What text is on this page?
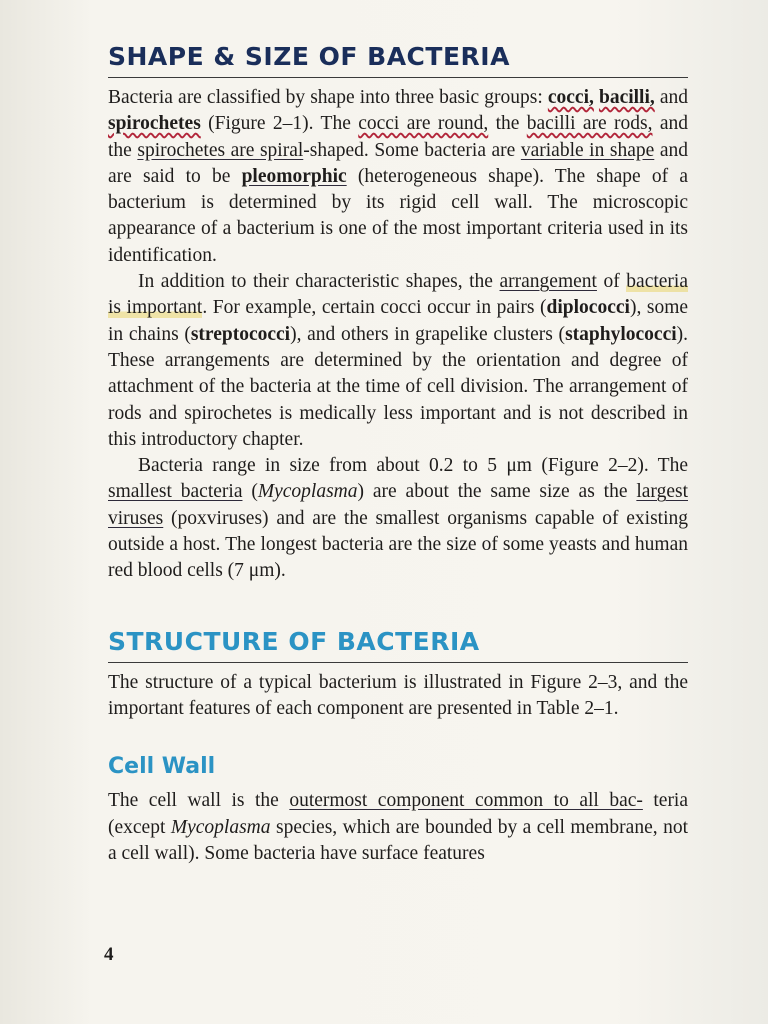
SHAPE & SIZE OF BACTERIA

Bacteria are classified by shape into three basic groups: cocci, bacilli, and spirochetes (Figure 2–1). The cocci are round, the bacilli are rods, and the spirochetes are spiral-shaped. Some bacteria are variable in shape and are said to be pleomorphic (heterogeneous shape). The shape of a bacterium is determined by its rigid cell wall. The microscopic appearance of a bacterium is one of the most important criteria used in its identification.

In addition to their characteristic shapes, the arrangement of bacteria is important. For example, certain cocci occur in pairs (diplococci), some in chains (streptococci), and others in grapelike clusters (staphylococci). These arrangements are determined by the orientation and degree of attachment of the bacteria at the time of cell division. The arrangement of rods and spirochetes is medically less important and is not described in this introductory chapter.

Bacteria range in size from about 0.2 to 5 μm (Figure 2–2). The smallest bacteria (Mycoplasma) are about the same size as the largest viruses (poxviruses) and are the smallest organisms capable of existing outside a host. The longest bacteria are the size of some yeasts and human red blood cells (7 μm).

STRUCTURE OF BACTERIA

The structure of a typical bacterium is illustrated in Figure 2–3, and the important features of each component are presented in Table 2–1.

Cell Wall

The cell wall is the outermost component common to all bac- teria (except Mycoplasma species, which are bounded by a cell membrane, not a cell wall). Some bacteria have surface features

4
